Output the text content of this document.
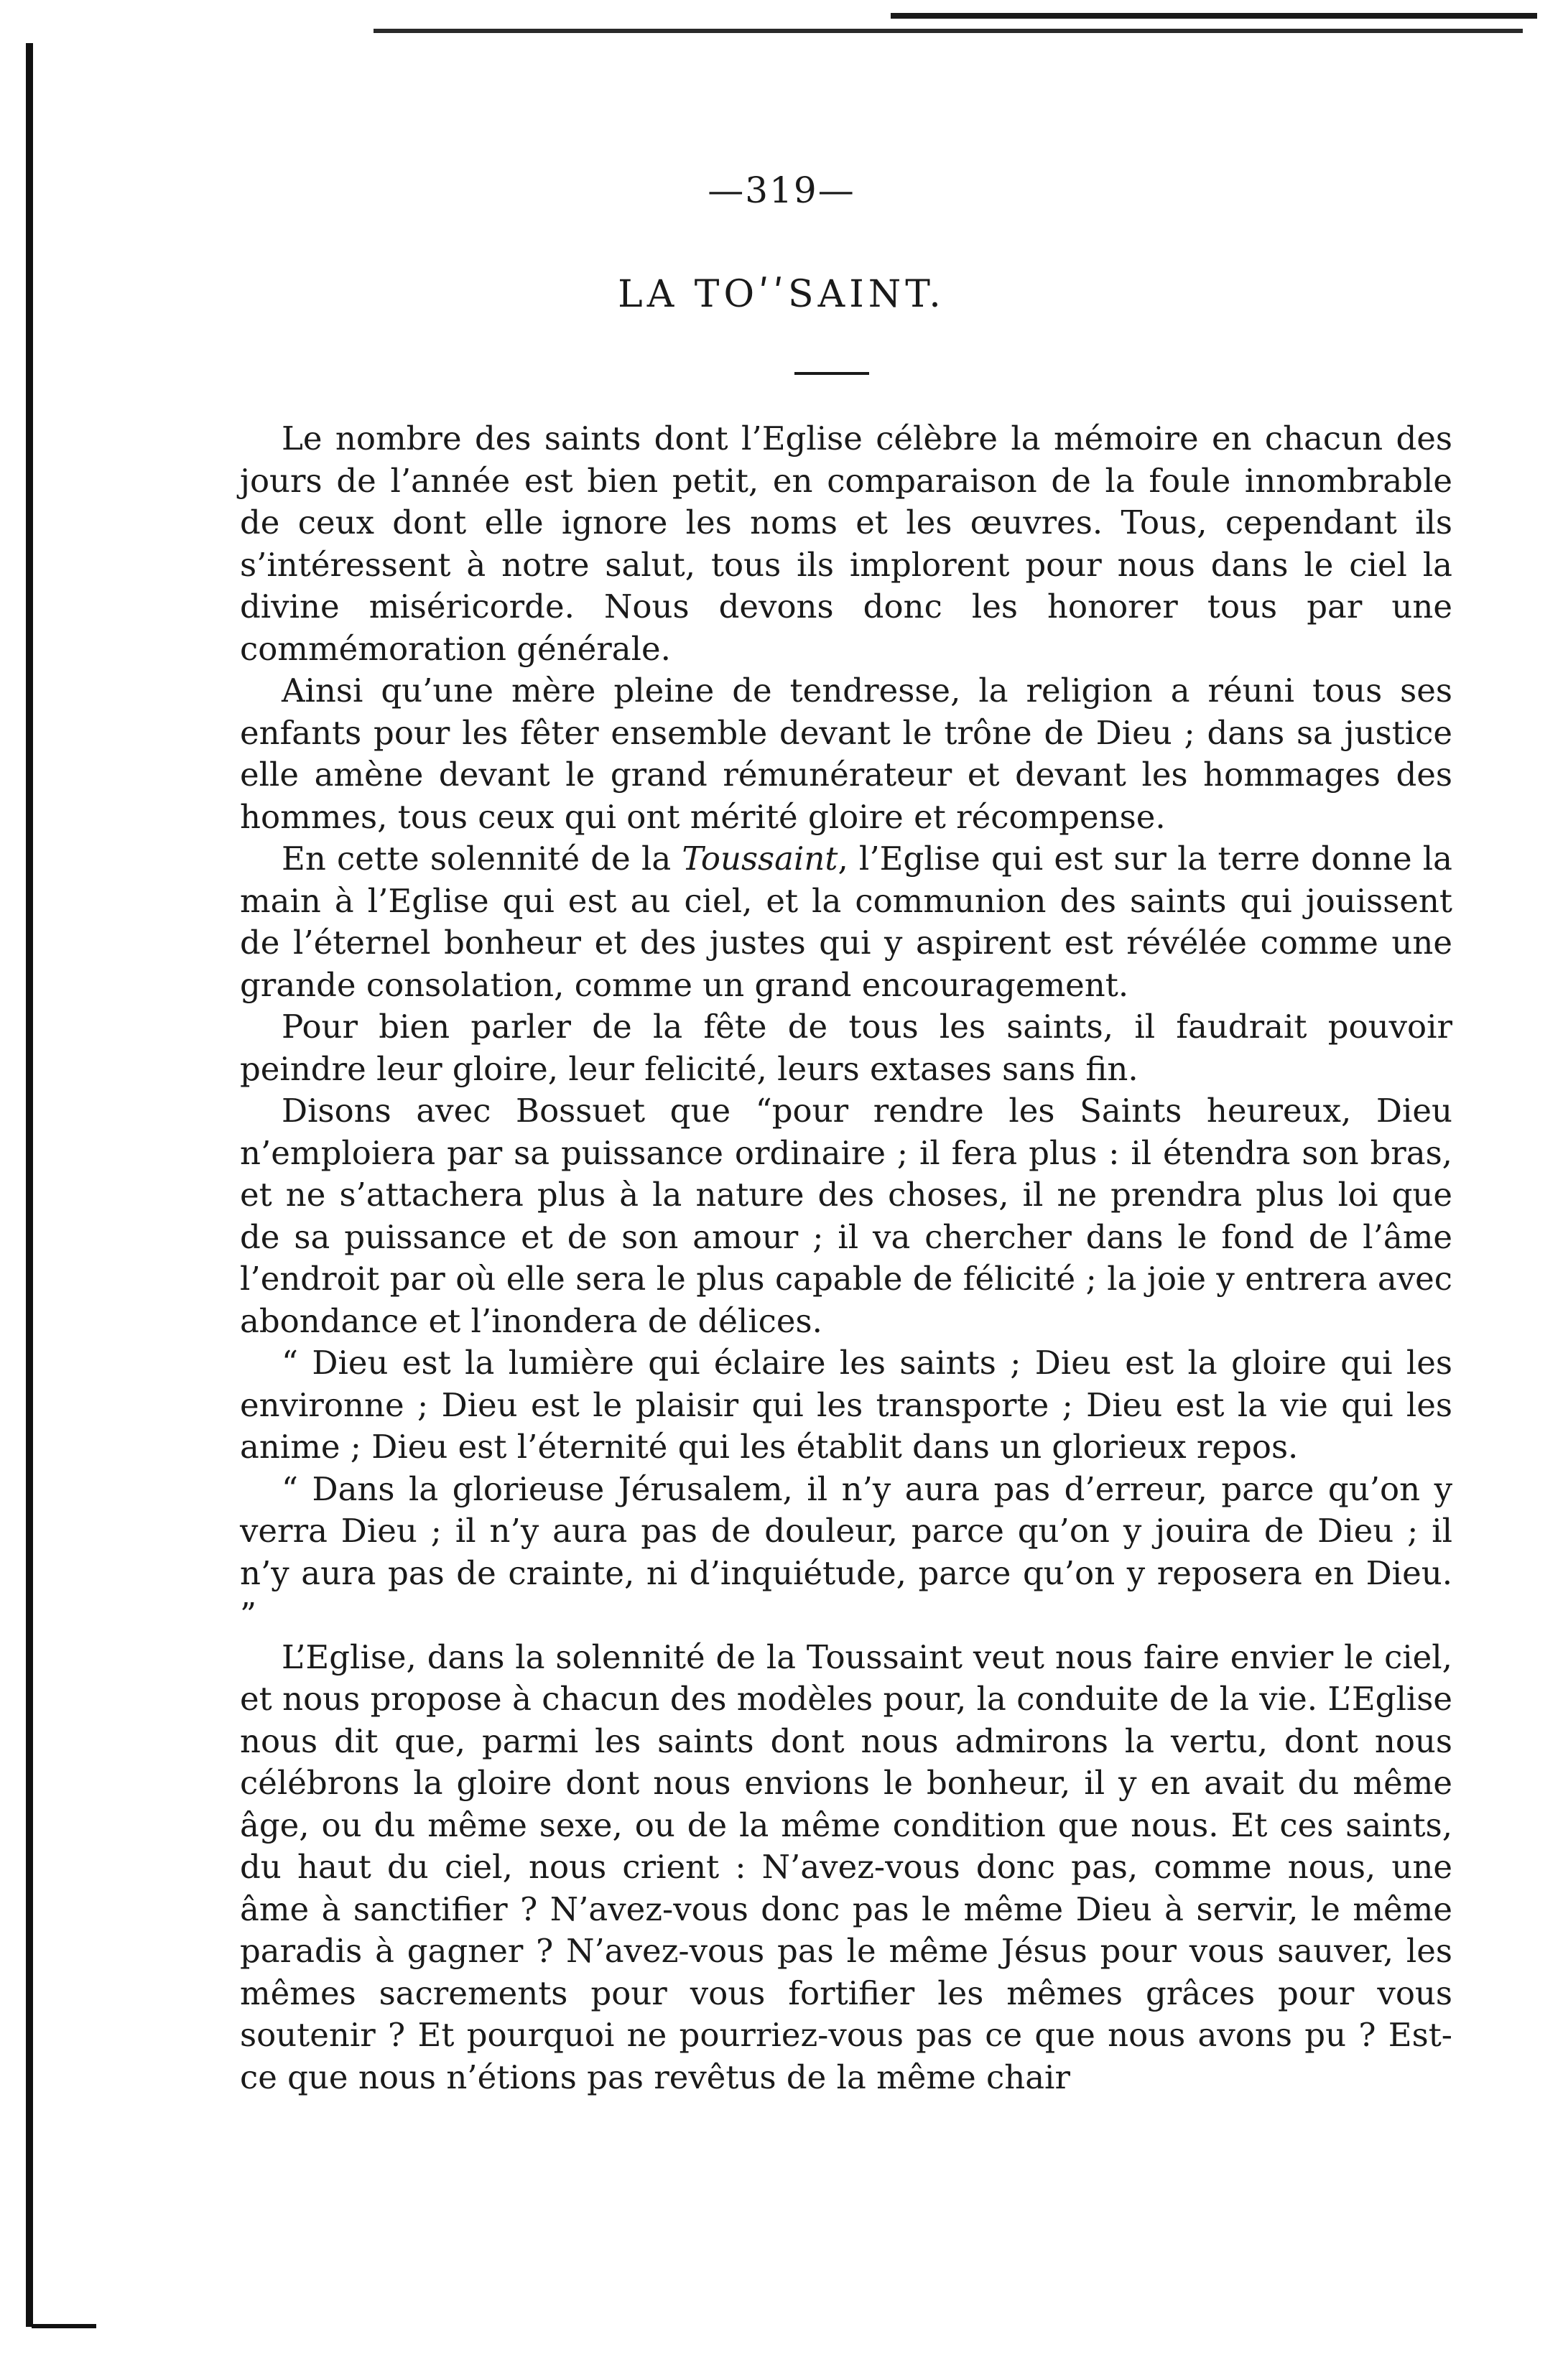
—319—
LA TOʹʹSAINT.

Le nombre des saints dont l’Eglise célèbre la mémoire en chacun des jours de l’année est bien petit, en comparaison de la foule innombrable de ceux dont elle ignore les noms et les œuvres. Tous, cependant ils s’intéressent à notre salut, tous ils implorent pour nous dans le ciel la divine miséricorde. Nous devons donc les honorer tous par une commémoration générale.

Ainsi qu’une mère pleine de tendresse, la religion a réuni tous ses enfants pour les fêter ensemble devant le trône de Dieu ; dans sa justice elle amène devant le grand rémunérateur et devant les hommages des hommes, tous ceux qui ont mérité gloire et récompense.

En cette solennité de la Toussaint, l’Eglise qui est sur la terre donne la main à l’Eglise qui est au ciel, et la communion des saints qui jouissent de l’éternel bonheur et des justes qui y aspirent est révélée comme une grande consolation, comme un grand encouragement.

Pour bien parler de la fête de tous les saints, il faudrait pouvoir peindre leur gloire, leur felicité, leurs extases sans fin.

Disons avec Bossuet que “pour rendre les Saints heureux, Dieu n’emploiera par sa puissance ordinaire ; il fera plus : il étendra son bras, et ne s’attachera plus à la nature des choses, il ne prendra plus loi que de sa puissance et de son amour ; il va chercher dans le fond de l’âme l’endroit par où elle sera le plus capable de félicité ; la joie y entrera avec abondance et l’inondera de délices.

“ Dieu est la lumière qui éclaire les saints ; Dieu est la gloire qui les environne ; Dieu est le plaisir qui les transporte ; Dieu est la vie qui les anime ; Dieu est l’éternité qui les établit dans un glorieux repos.

“ Dans la glorieuse Jérusalem, il n’y aura pas d’erreur, parce qu’on y verra Dieu ; il n’y aura pas de douleur, parce qu’on y jouira de Dieu ; il n’y aura pas de crainte, ni d’inquiétude, parce qu’on y reposera en Dieu. ”

L’Eglise, dans la solennité de la Toussaint veut nous faire envier le ciel, et nous propose à chacun des modèles pour, la conduite de la vie. L’Eglise nous dit que, parmi les saints dont nous admirons la vertu, dont nous célébrons la gloire dont nous envions le bonheur, il y en avait du même âge, ou du même sexe, ou de la même condition que nous. Et ces saints, du haut du ciel, nous crient : N’avez-vous donc pas, comme nous, une âme à sanctifier ? N’avez-vous donc pas le même Dieu à servir, le même paradis à gagner ? N’avez-vous pas le même Jésus pour vous sauver, les mêmes sacrements pour vous fortifier les mêmes grâces pour vous soutenir ? Et pourquoi ne pourriez-vous pas ce que nous avons pu ? Est-ce que nous n’étions pas revêtus de la même chair
